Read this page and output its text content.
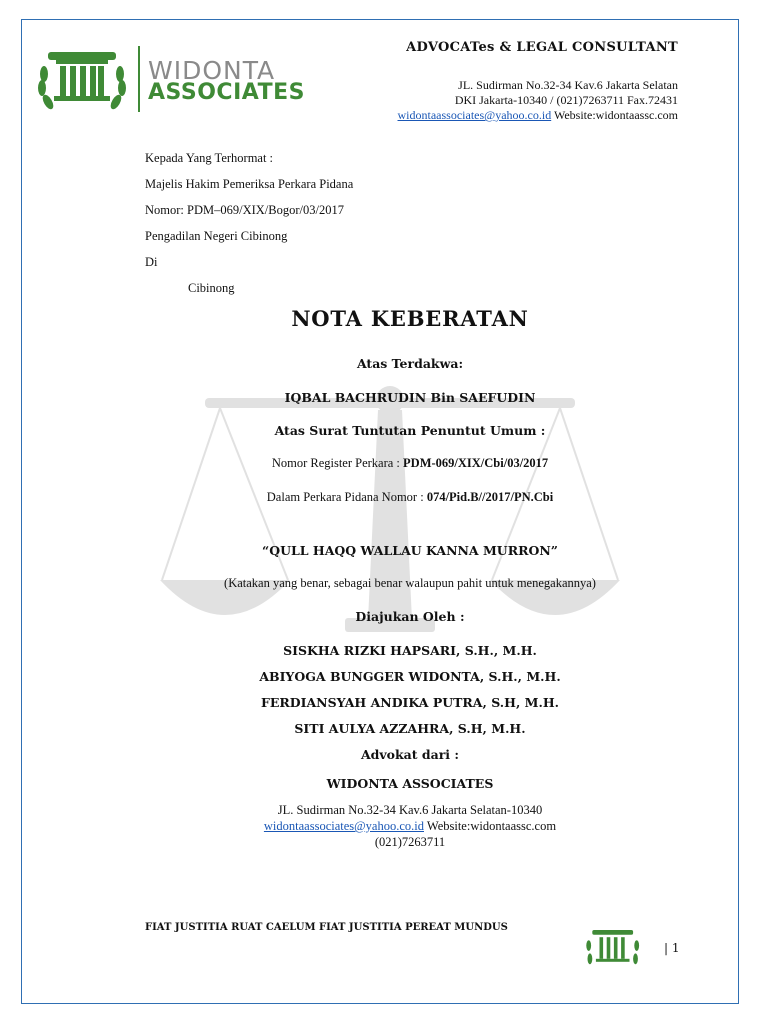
WIDONTA
ASSOCIATES
ADVOCATes & LEGAL CONSULTANT
JL. Sudirman No.32-34 Kav.6 Jakarta Selatan
DKI Jakarta-10340 / (021)7263711 Fax.72431
widontaassociates@yahoo.co.id Website:widontaassc.com
Kepada Yang Terhormat :
Majelis Hakim Pemeriksa Perkara Pidana
Nomor: PDM–069/XIX/Bogor/03/2017
Pengadilan Negeri Cibinong
Di
Cibinong
NOTA KEBERATAN
Atas Terdakwa:
IQBAL BACHRUDIN Bin SAEFUDIN
Atas Surat Tuntutan Penuntut Umum :
Nomor Register Perkara : PDM-069/XIX/Cbi/03/2017
Dalam Perkara Pidana Nomor : 074/Pid.B//2017/PN.Cbi
“QULL HAQQ WALLAU KANNA MURRON”
(Katakan yang benar, sebagai benar walaupun pahit untuk menegakannya)
Diajukan Oleh :
SISKHA RIZKI HAPSARI, S.H., M.H.
ABIYOGA BUNGGER WIDONTA, S.H., M.H.
FERDIANSYAH ANDIKA PUTRA, S.H, M.H.
SITI AULYA AZZAHRA, S.H, M.H.
Advokat dari :
WIDONTA ASSOCIATES
JL. Sudirman No.32-34 Kav.6 Jakarta Selatan-10340
widontaassociates@yahoo.co.id Website:widontaassc.com
(021)7263711
FIAT JUSTITIA RUAT CAELUM FIAT JUSTITIA PEREAT MUNDUS
| 1
